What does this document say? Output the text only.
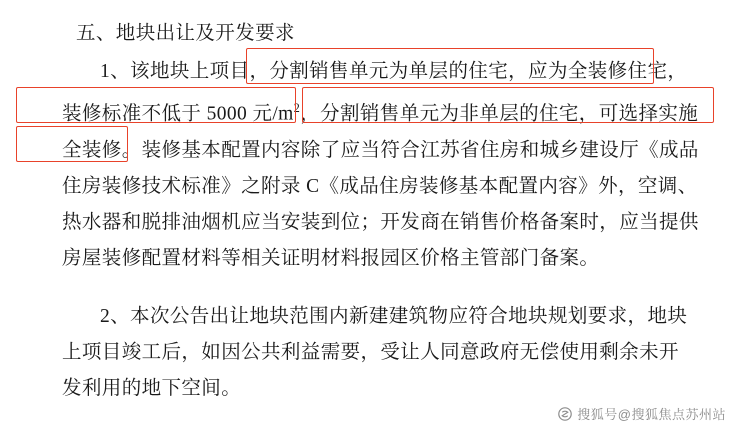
五、地块出让及开发要求

1、该地块上项目，分割销售单元为单层的住宅，应为全装修住宅，

装修标准不低于 5000 元$/m^2$，分割销售单元为非单层的住宅，可选择实施

全装修。装修基本配置内容除了应当符合江苏省住房和城乡建设厅《成品

住房装修技术标准》之附录 C《成品住房装修基本配置内容》外，空调、

热水器和脱排油烟机应当安装到位；开发商在销售价格备案时，应当提供

房屋装修配置材料等相关证明材料报园区价格主管部门备案。

2、本次公告出让地块范围内新建建筑物应符合地块规划要求，地块

上项目竣工后，如因公共利益需要，受让人同意政府无偿使用剩余未开

发利用的地下空间。

搜狐号@搜狐焦点苏州站
